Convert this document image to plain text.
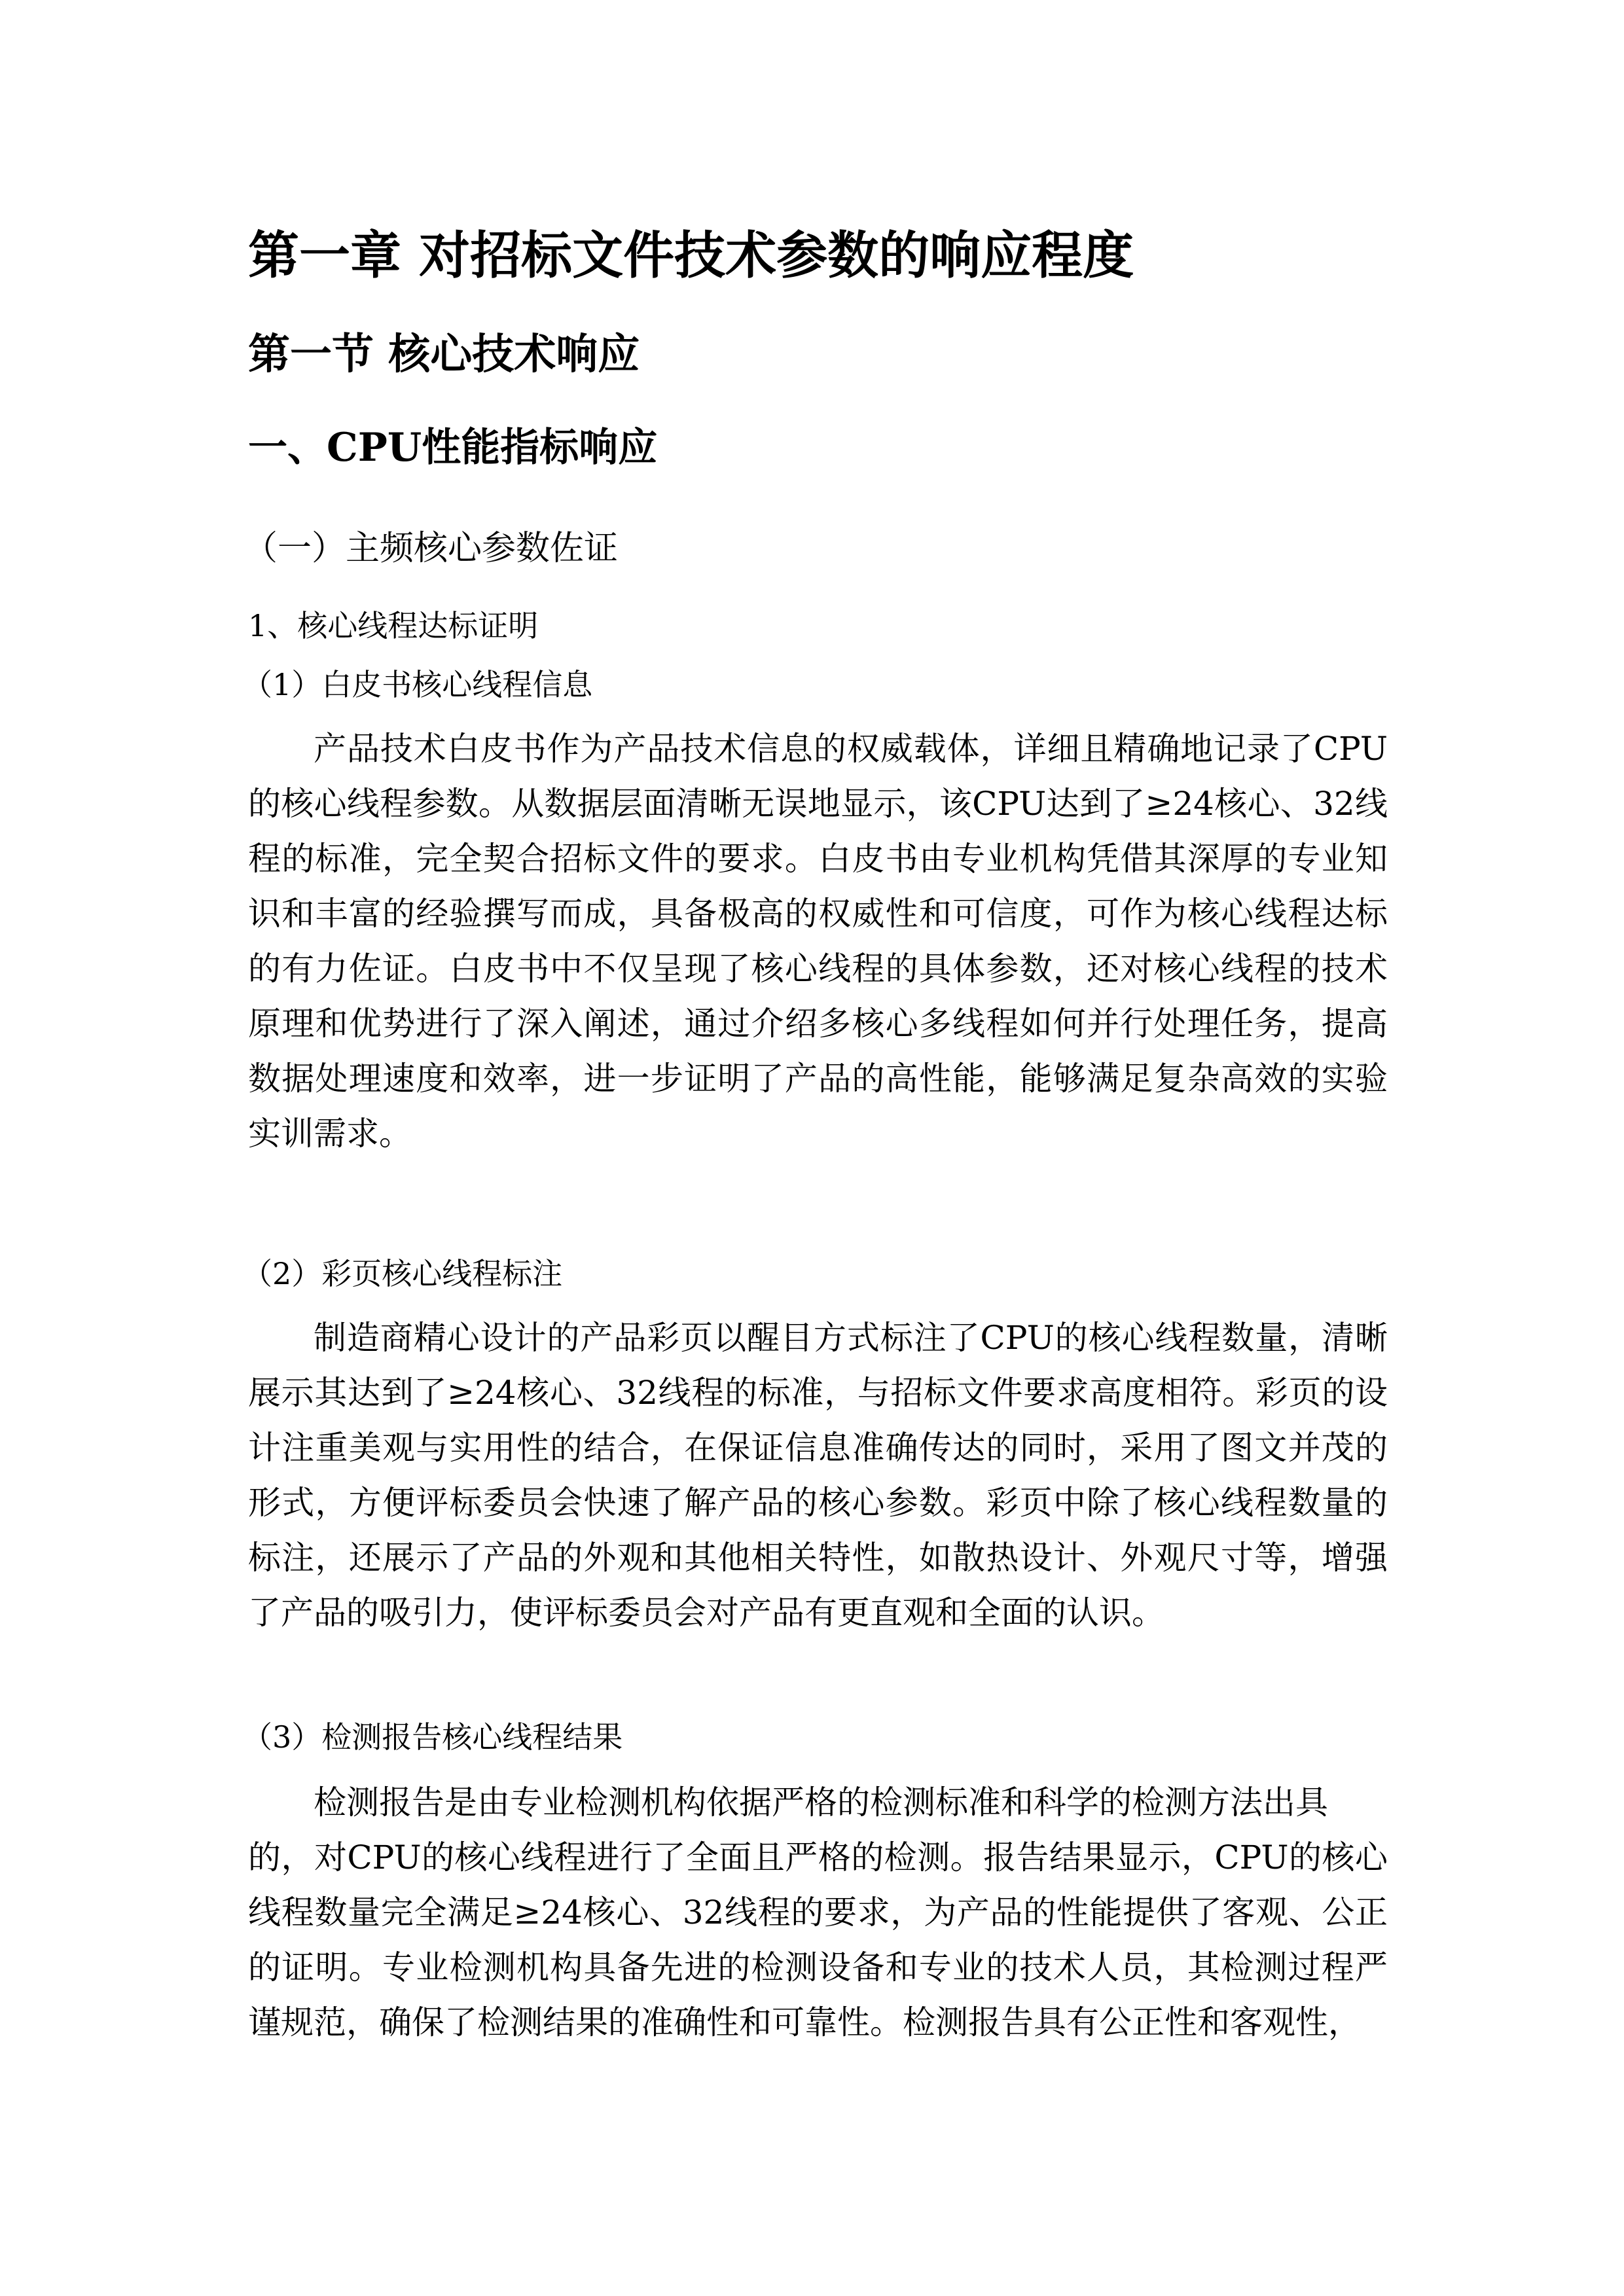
第一章 对招标文件技术参数的响应程度
第一节 核心技术响应
一、CPU性能指标响应
（一）主频核心参数佐证
1、核心线程达标证明
（1）白皮书核心线程信息
产品技术白皮书作为产品技术信息的权威载体，详细且精确地记录了CPU
的核心线程参数。从数据层面清晰无误地显示，该CPU达到了≥24核心、32线
程的标准，完全契合招标文件的要求。白皮书由专业机构凭借其深厚的专业知
识和丰富的经验撰写而成，具备极高的权威性和可信度，可作为核心线程达标
的有力佐证。白皮书中不仅呈现了核心线程的具体参数，还对核心线程的技术
原理和优势进行了深入阐述，通过介绍多核心多线程如何并行处理任务，提高
数据处理速度和效率，进一步证明了产品的高性能，能够满足复杂高效的实验
实训需求。
（2）彩页核心线程标注
制造商精心设计的产品彩页以醒目方式标注了CPU的核心线程数量，清晰
展示其达到了≥24核心、32线程的标准，与招标文件要求高度相符。彩页的设
计注重美观与实用性的结合，在保证信息准确传达的同时，采用了图文并茂的
形式，方便评标委员会快速了解产品的核心参数。彩页中除了核心线程数量的
标注，还展示了产品的外观和其他相关特性，如散热设计、外观尺寸等，增强
了产品的吸引力，使评标委员会对产品有更直观和全面的认识。
（3）检测报告核心线程结果
检测报告是由专业检测机构依据严格的检测标准和科学的检测方法出具
的，对CPU的核心线程进行了全面且严格的检测。报告结果显示，CPU的核心
线程数量完全满足≥24核心、32线程的要求，为产品的性能提供了客观、公正
的证明。专业检测机构具备先进的检测设备和专业的技术人员，其检测过程严
谨规范，确保了检测结果的准确性和可靠性。检测报告具有公正性和客观性，
